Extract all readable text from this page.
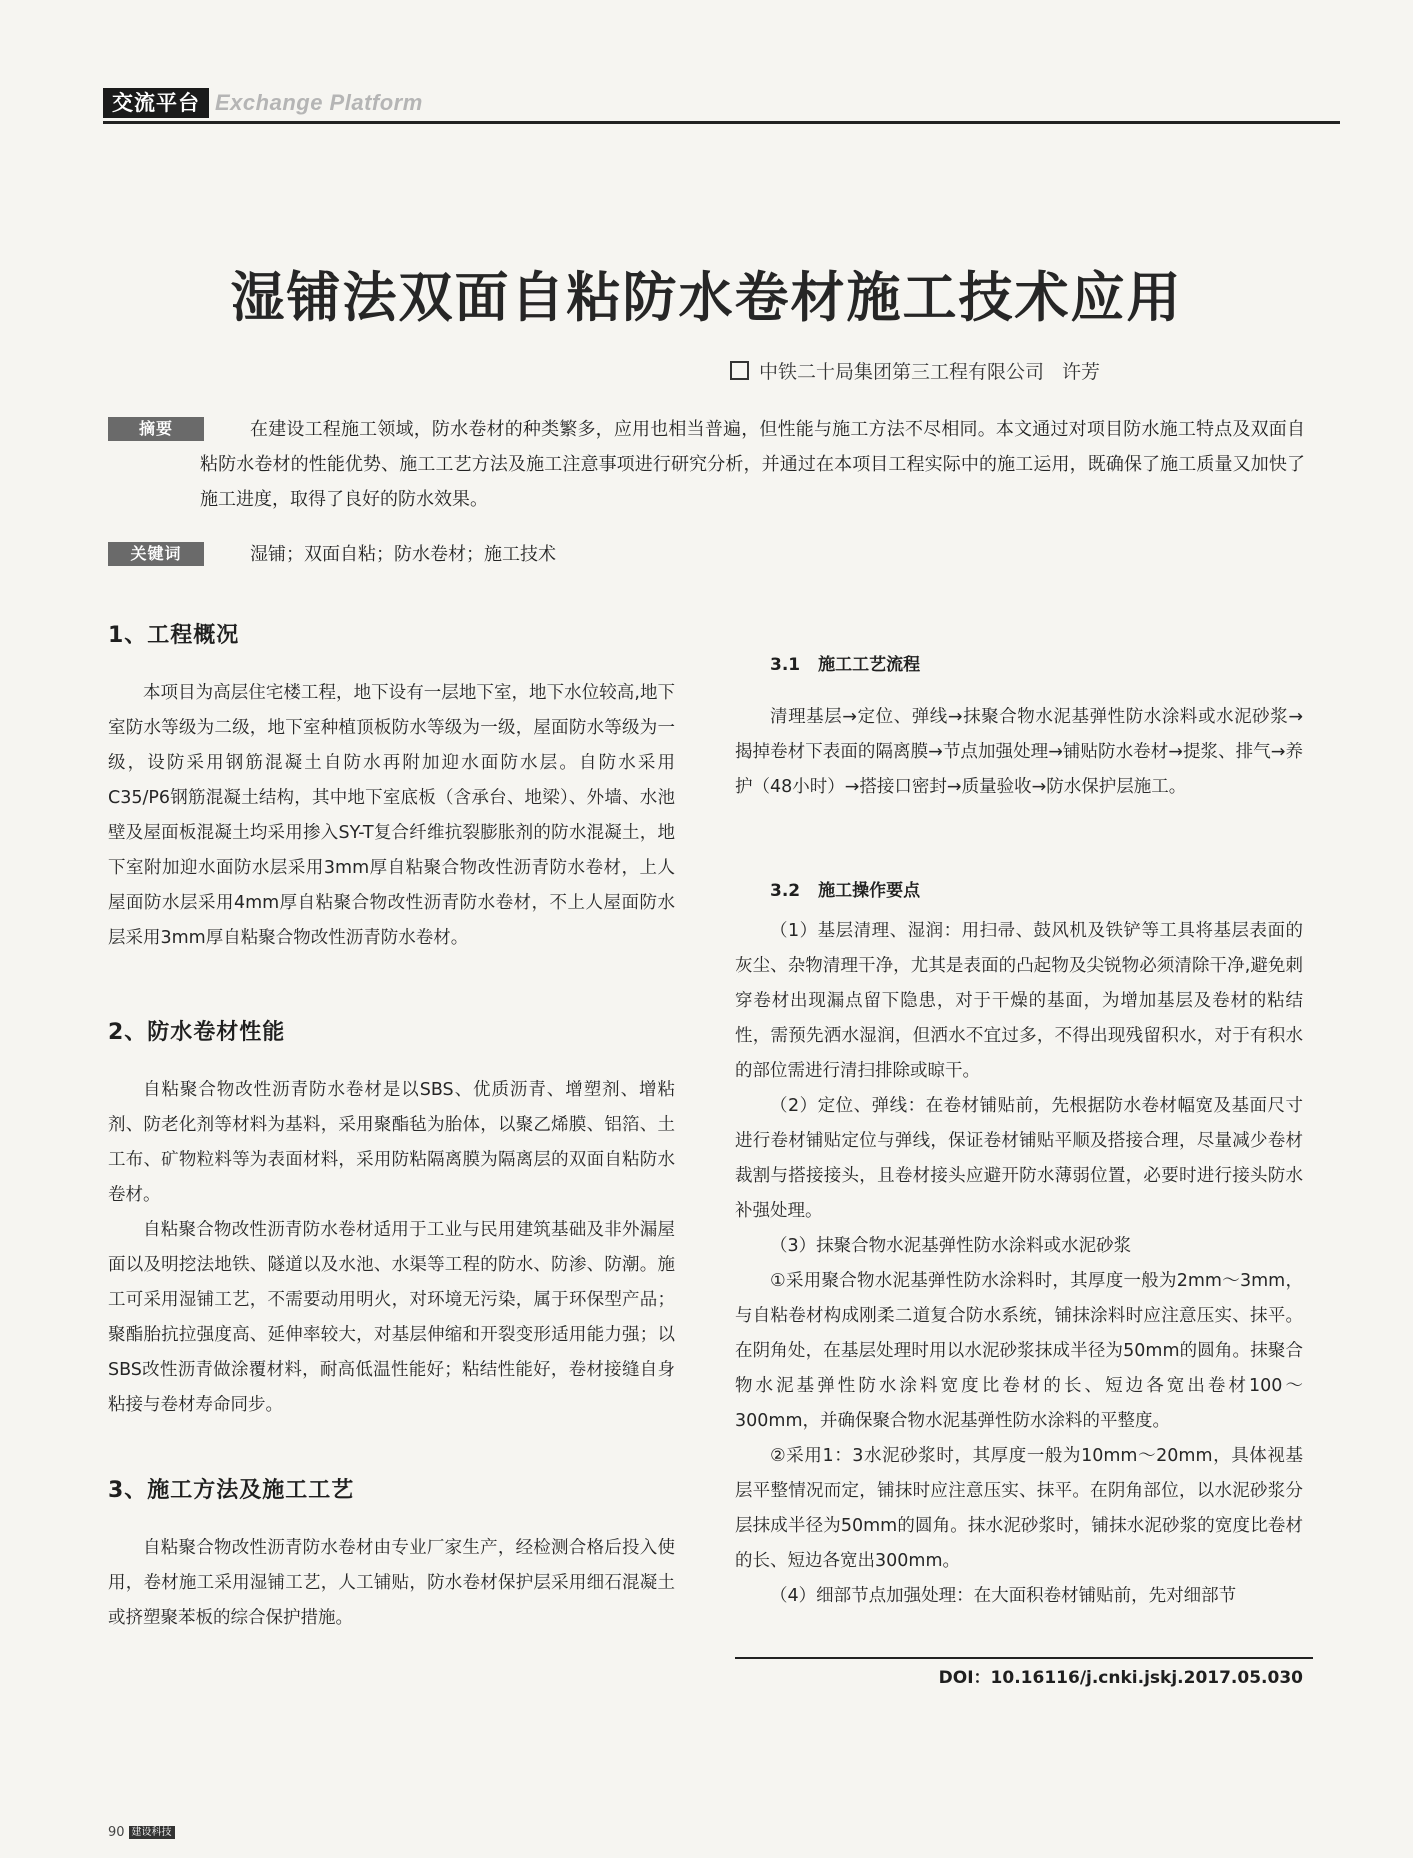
交流平台 Exchange Platform
湿铺法双面自粘防水卷材施工技术应用
中铁二十局集团第三工程有限公司 许芳
摘要	在建设工程施工领域，防水卷材的种类繁多，应用也相当普遍，但性能与施工方法不尽相同。本文通过对项目防水施工特点及双面自粘防水卷材的性能优势、施工工艺方法及施工注意事项进行研究分析，并通过在本项目工程实际中的施工运用，既确保了施工质量又加快了施工进度，取得了良好的防水效果。

关键词	湿铺；双面自粘；防水卷材；施工技术
1、工程概况

本项目为高层住宅楼工程，地下设有一层地下室，地下水位较高,地下室防水等级为二级，地下室种植顶板防水等级为一级，屋面防水等级为一级，设防采用钢筋混凝土自防水再附加迎水面防水层。自防水采用C35/P6钢筋混凝土结构，其中地下室底板（含承台、地梁）、外墙、水池壁及屋面板混凝土均采用掺入SY-T复合纤维抗裂膨胀剂的防水混凝土，地下室附加迎水面防水层采用3mm厚自粘聚合物改性沥青防水卷材，上人屋面防水层采用4mm厚自粘聚合物改性沥青防水卷材，不上人屋面防水层采用3mm厚自粘聚合物改性沥青防水卷材。

2、防水卷材性能

自粘聚合物改性沥青防水卷材是以SBS、优质沥青、增塑剂、增粘剂、防老化剂等材料为基料，采用聚酯毡为胎体，以聚乙烯膜、铝箔、土工布、矿物粒料等为表面材料，采用防粘隔离膜为隔离层的双面自粘防水卷材。

自粘聚合物改性沥青防水卷材适用于工业与民用建筑基础及非外漏屋面以及明挖法地铁、隧道以及水池、水渠等工程的防水、防渗、防潮。施工可采用湿铺工艺，不需要动用明火，对环境无污染，属于环保型产品；聚酯胎抗拉强度高、延伸率较大，对基层伸缩和开裂变形适用能力强；以SBS改性沥青做涂覆材料，耐高低温性能好；粘结性能好，卷材接缝自身粘接与卷材寿命同步。

3、施工方法及施工工艺

自粘聚合物改性沥青防水卷材由专业厂家生产，经检测合格后投入使用，卷材施工采用湿铺工艺，人工铺贴，防水卷材保护层采用细石混凝土或挤塑聚苯板的综合保护措施。

3.1 施工工艺流程

清理基层→定位、弹线→抹聚合物水泥基弹性防水涂料或水泥砂浆→揭掉卷材下表面的隔离膜→节点加强处理→铺贴防水卷材→提浆、排气→养护（48小时）→搭接口密封→质量验收→防水保护层施工。

3.2 施工操作要点

（1）基层清理、湿润：用扫帚、鼓风机及铁铲等工具将基层表面的灰尘、杂物清理干净，尤其是表面的凸起物及尖锐物必须清除干净,避免刺穿卷材出现漏点留下隐患，对于干燥的基面，为增加基层及卷材的粘结性，需预先洒水湿润，但洒水不宜过多，不得出现残留积水，对于有积水的部位需进行清扫排除或晾干。

（2）定位、弹线：在卷材铺贴前，先根据防水卷材幅宽及基面尺寸进行卷材铺贴定位与弹线，保证卷材铺贴平顺及搭接合理，尽量减少卷材裁割与搭接接头，且卷材接头应避开防水薄弱位置，必要时进行接头防水补强处理。

（3）抹聚合物水泥基弹性防水涂料或水泥砂浆

①采用聚合物水泥基弹性防水涂料时，其厚度一般为2mm～3mm，与自粘卷材构成刚柔二道复合防水系统，铺抹涂料时应注意压实、抹平。在阴角处，在基层处理时用以水泥砂浆抹成半径为50mm的圆角。抹聚合物水泥基弹性防水涂料宽度比卷材的长、短边各宽出卷材100～300mm，并确保聚合物水泥基弹性防水涂料的平整度。

②采用1：3水泥砂浆时，其厚度一般为10mm～20mm，具体视基层平整情况而定，铺抹时应注意压实、抹平。在阴角部位，以水泥砂浆分层抹成半径为50mm的圆角。抹水泥砂浆时，铺抹水泥砂浆的宽度比卷材的长、短边各宽出300mm。

（4）细部节点加强处理：在大面积卷材铺贴前，先对细部节

DOI：10.16116/j.cnki.jskj.2017.05.030
90 建设科技
